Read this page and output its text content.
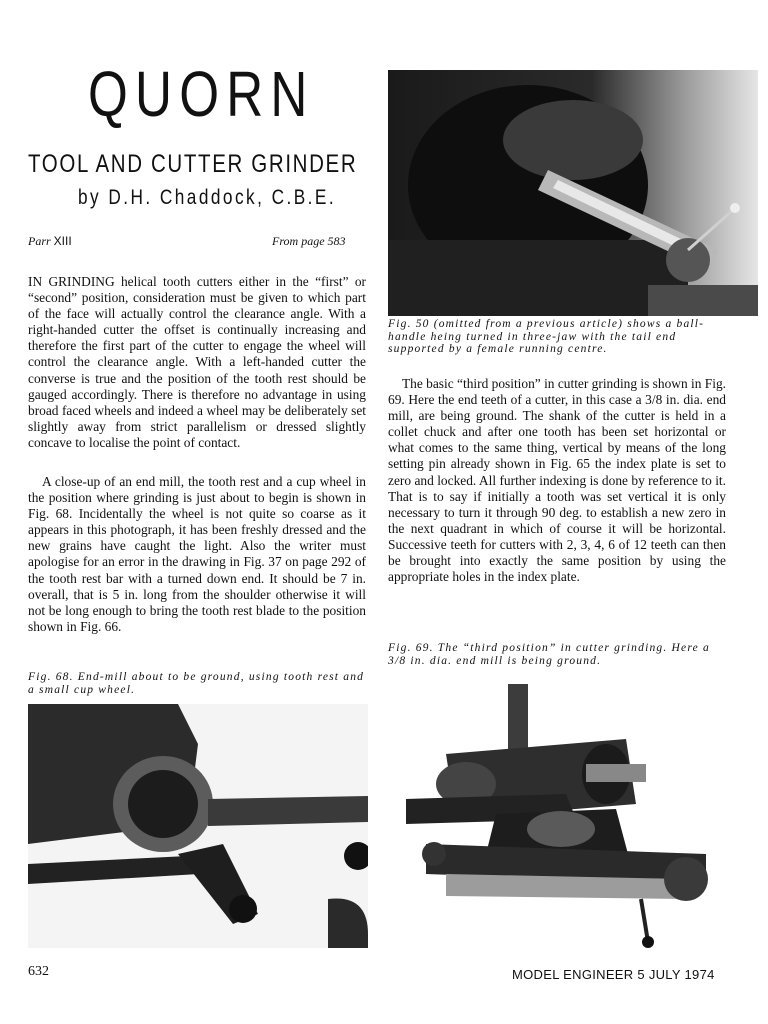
QUORN
TOOL AND CUTTER GRINDER
by D.H. Chaddock, C.B.E.
Parr XIII	From page 583

IN GRINDING helical tooth cutters either in the “first” or “second” position, consideration must be given to which part of the face will actually control the clearance angle. With a right-handed cutter the offset is continually increasing and therefore the first part of the cutter to engage the wheel will control the clearance angle. With a left-handed cutter the converse is true and the position of the tooth rest should be gauged accordingly. There is therefore no advantage in using broad faced wheels and indeed a wheel may be deliberately set slightly away from strict parallelism or dressed slightly concave to localise the point of contact.

A close-up of an end mill, the tooth rest and a cup wheel in the position where grinding is just about to begin is shown in Fig. 68. Incidentally the wheel is not quite so coarse as it appears in this photograph, it has been freshly dressed and the new grains have caught the light. Also the writer must apologise for an error in the drawing in Fig. 37 on page 292 of the tooth rest bar with a turned down end. It should be 7 in. overall, that is 5 in. long from the shoulder otherwise it will not be long enough to bring the tooth rest blade to the position shown in Fig. 66.

Fig. 50 (omitted from a previous article) shows a ball-handle heing turned in three-jaw with the tail end supported by a female running centre.

The basic “third position” in cutter grinding is shown in Fig. 69. Here the end teeth of a cutter, in this case a 3/8 in. dia. end mill, are being ground. The shank of the cutter is held in a collet chuck and after one tooth has been set horizontal or what comes to the same thing, vertical by means of the long setting pin already shown in Fig. 65 the index plate is set to zero and locked. All further indexing is done by reference to it. That is to say if initially a tooth was set vertical it is only necessary to turn it through 90 deg. to establish a new zero in the next quadrant in which of course it will be horizontal. Successive teeth for cutters with 2, 3, 4, 6 of 12 teeth can then be brought into exactly the same position by using the appropriate holes in the index plate.

Fig. 69. The “third position” in cutter grinding. Here a 3/8 in. dia. end mill is being ground.

Fig. 68. End-mill about to be ground, using tooth rest and a small cup wheel.

632	MODEL ENGINEER 5 JULY 1974
